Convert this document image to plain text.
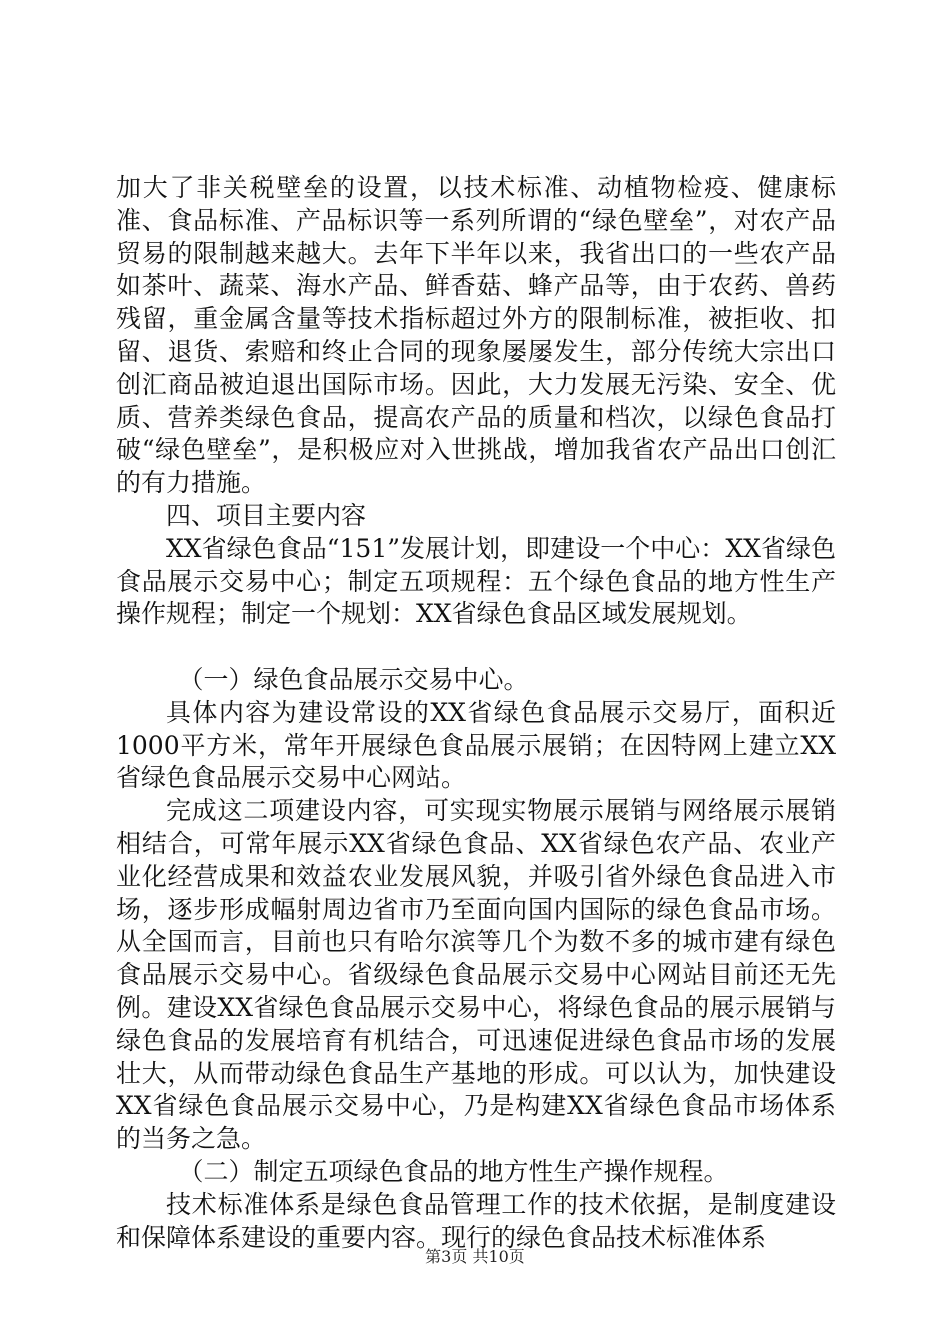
加大了非关税壁垒的设置，以技术标准、动植物检疫、健康标准、食品标准、产品标识等一系列所谓的“绿色壁垒”，对农产品贸易的限制越来越大。去年下半年以来，我省出口的一些农产品如茶叶、蔬菜、海水产品、鲜香菇、蜂产品等，由于农药、兽药残留，重金属含量等技术指标超过外方的限制标准，被拒收、扣留、退货、索赔和终止合同的现象屡屡发生，部分传统大宗出口创汇商品被迫退出国际市场。因此，大力发展无污染、安全、优质、营养类绿色食品，提高农产品的质量和档次，以绿色食品打破“绿色壁垒”，是积极应对入世挑战，增加我省农产品出口创汇的有力措施。

四、项目主要内容

XX省绿色食品“151”发展计划，即建设一个中心：XX省绿色食品展示交易中心；制定五项规程：五个绿色食品的地方性生产操作规程；制定一个规划：XX省绿色食品区域发展规划。

（一）绿色食品展示交易中心。

具体内容为建设常设的XX省绿色食品展示交易厅，面积近1000平方米，常年开展绿色食品展示展销；在因特网上建立XX省绿色食品展示交易中心网站。

完成这二项建设内容，可实现实物展示展销与网络展示展销相结合，可常年展示XX省绿色食品、XX省绿色农产品、农业产业化经营成果和效益农业发展风貌，并吸引省外绿色食品进入市场，逐步形成幅射周边省市乃至面向国内国际的绿色食品市场。从全国而言，目前也只有哈尔滨等几个为数不多的城市建有绿色食品展示交易中心。省级绿色食品展示交易中心网站目前还无先例。建设XX省绿色食品展示交易中心，将绿色食品的展示展销与绿色食品的发展培育有机结合，可迅速促进绿色食品市场的发展壮大，从而带动绿色食品生产基地的形成。可以认为，加快建设XX省绿色食品展示交易中心，乃是构建XX省绿色食品市场体系的当务之急。

（二）制定五项绿色食品的地方性生产操作规程。

技术标准体系是绿色食品管理工作的技术依据，是制度建设和保障体系建设的重要内容。现行的绿色食品技术标准体系

第3页 共10页
